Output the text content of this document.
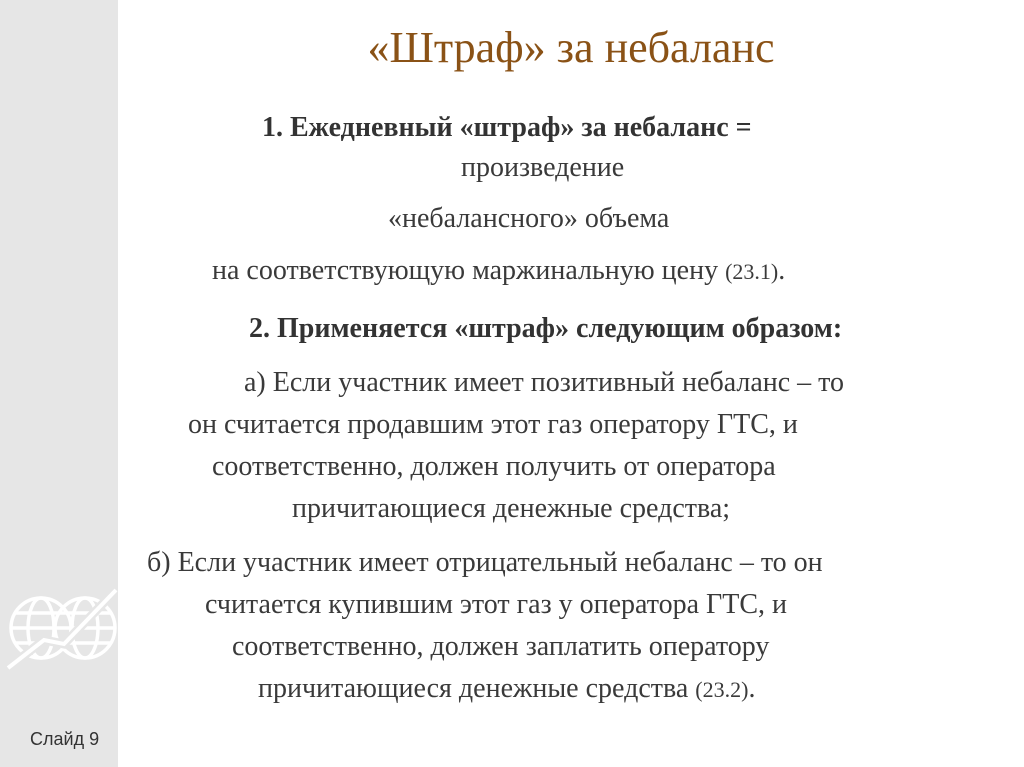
Слайд 9
«Штраф» за небаланс
1. Ежедневный «штраф» за небаланс =
произведение
«небалансного» объема
на соответствующую маржинальную цену (23.1).
2. Применяется «штраф» следующим образом:
а) Если участник имеет позитивный небаланс – то
он считается продавшим этот газ оператору ГТС, и
соответственно, должен получить от оператора
причитающиеся денежные средства;
б) Если участник имеет отрицательный небаланс – то он
считается купившим этот газ у оператора ГТС, и
соответственно, должен заплатить оператору
причитающиеся денежные средства (23.2).
